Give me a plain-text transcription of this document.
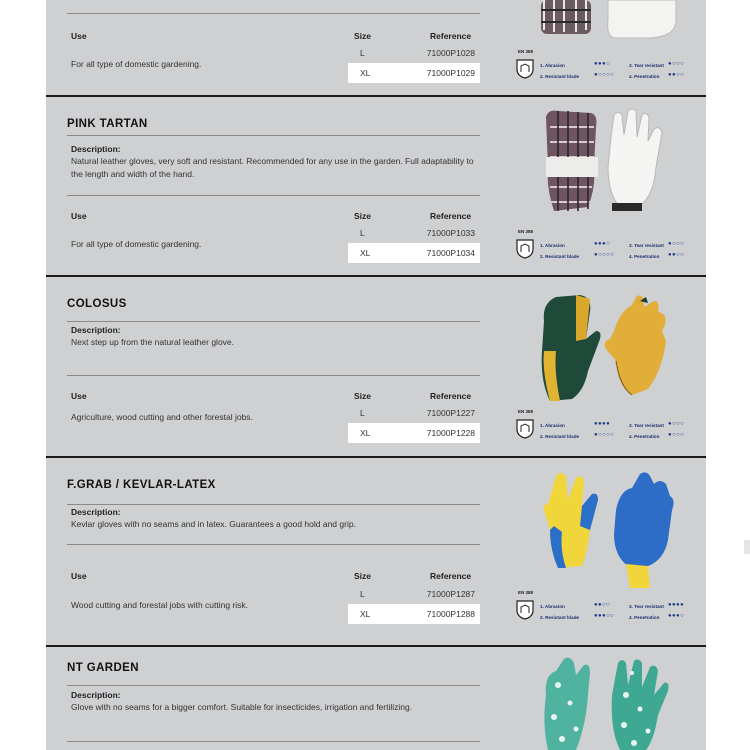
Use	Size	Reference
For all type of domestic gardening.
L	71000P1028
XL	71000P1029
EN 388
1. Abrasion	●●●○
2. Resistant blade ●○○○○
3. Tear resistant ●○○○
4. Penetration ●●○○
PINK TARTAN
Description:
Natural leather gloves, very soft and resistant. Recommended for any use in the garden. Full adaptability to the length and width of the hand.
Use	Size	Reference
For all type of domestic gardening.
L	71000P1033
XL	71000P1034
EN 388
1. Abrasion	●●●○
2. Resistant blade ●○○○○
3. Tear resistant ●○○○
4. Penetration ●●○○
COLOSUS
Description:
Next step up from the natural leather glove.
Use	Size	Reference
Agriculture, wood cutting and other forestal jobs.	L	71000P1227
XL	71000P1228
EN 388
1. Abrasion	●●●●
2. Resistant blade ●○○○○
3. Tear resistant ●○○○
4. Penetration ●○○○
F.GRAB / KEVLAR-LATEX
Description:
Kevlar gloves with no seams and in latex. Guarantees a good hold and grip.
Use	Size	Reference
Wood cutting and forestal jobs with cutting risk.
L	71000P1287
XL	71000P1288
EN 388
1. Abrasion	●●○○
2. Resistant blade ●●●○○
3. Tear resistant ●●●●
4. Penetration ●●●○
NT GARDEN
Description:
Glove with no seams for a bigger comfort. Suitable for insecticides, irrigation and fertilizing.
